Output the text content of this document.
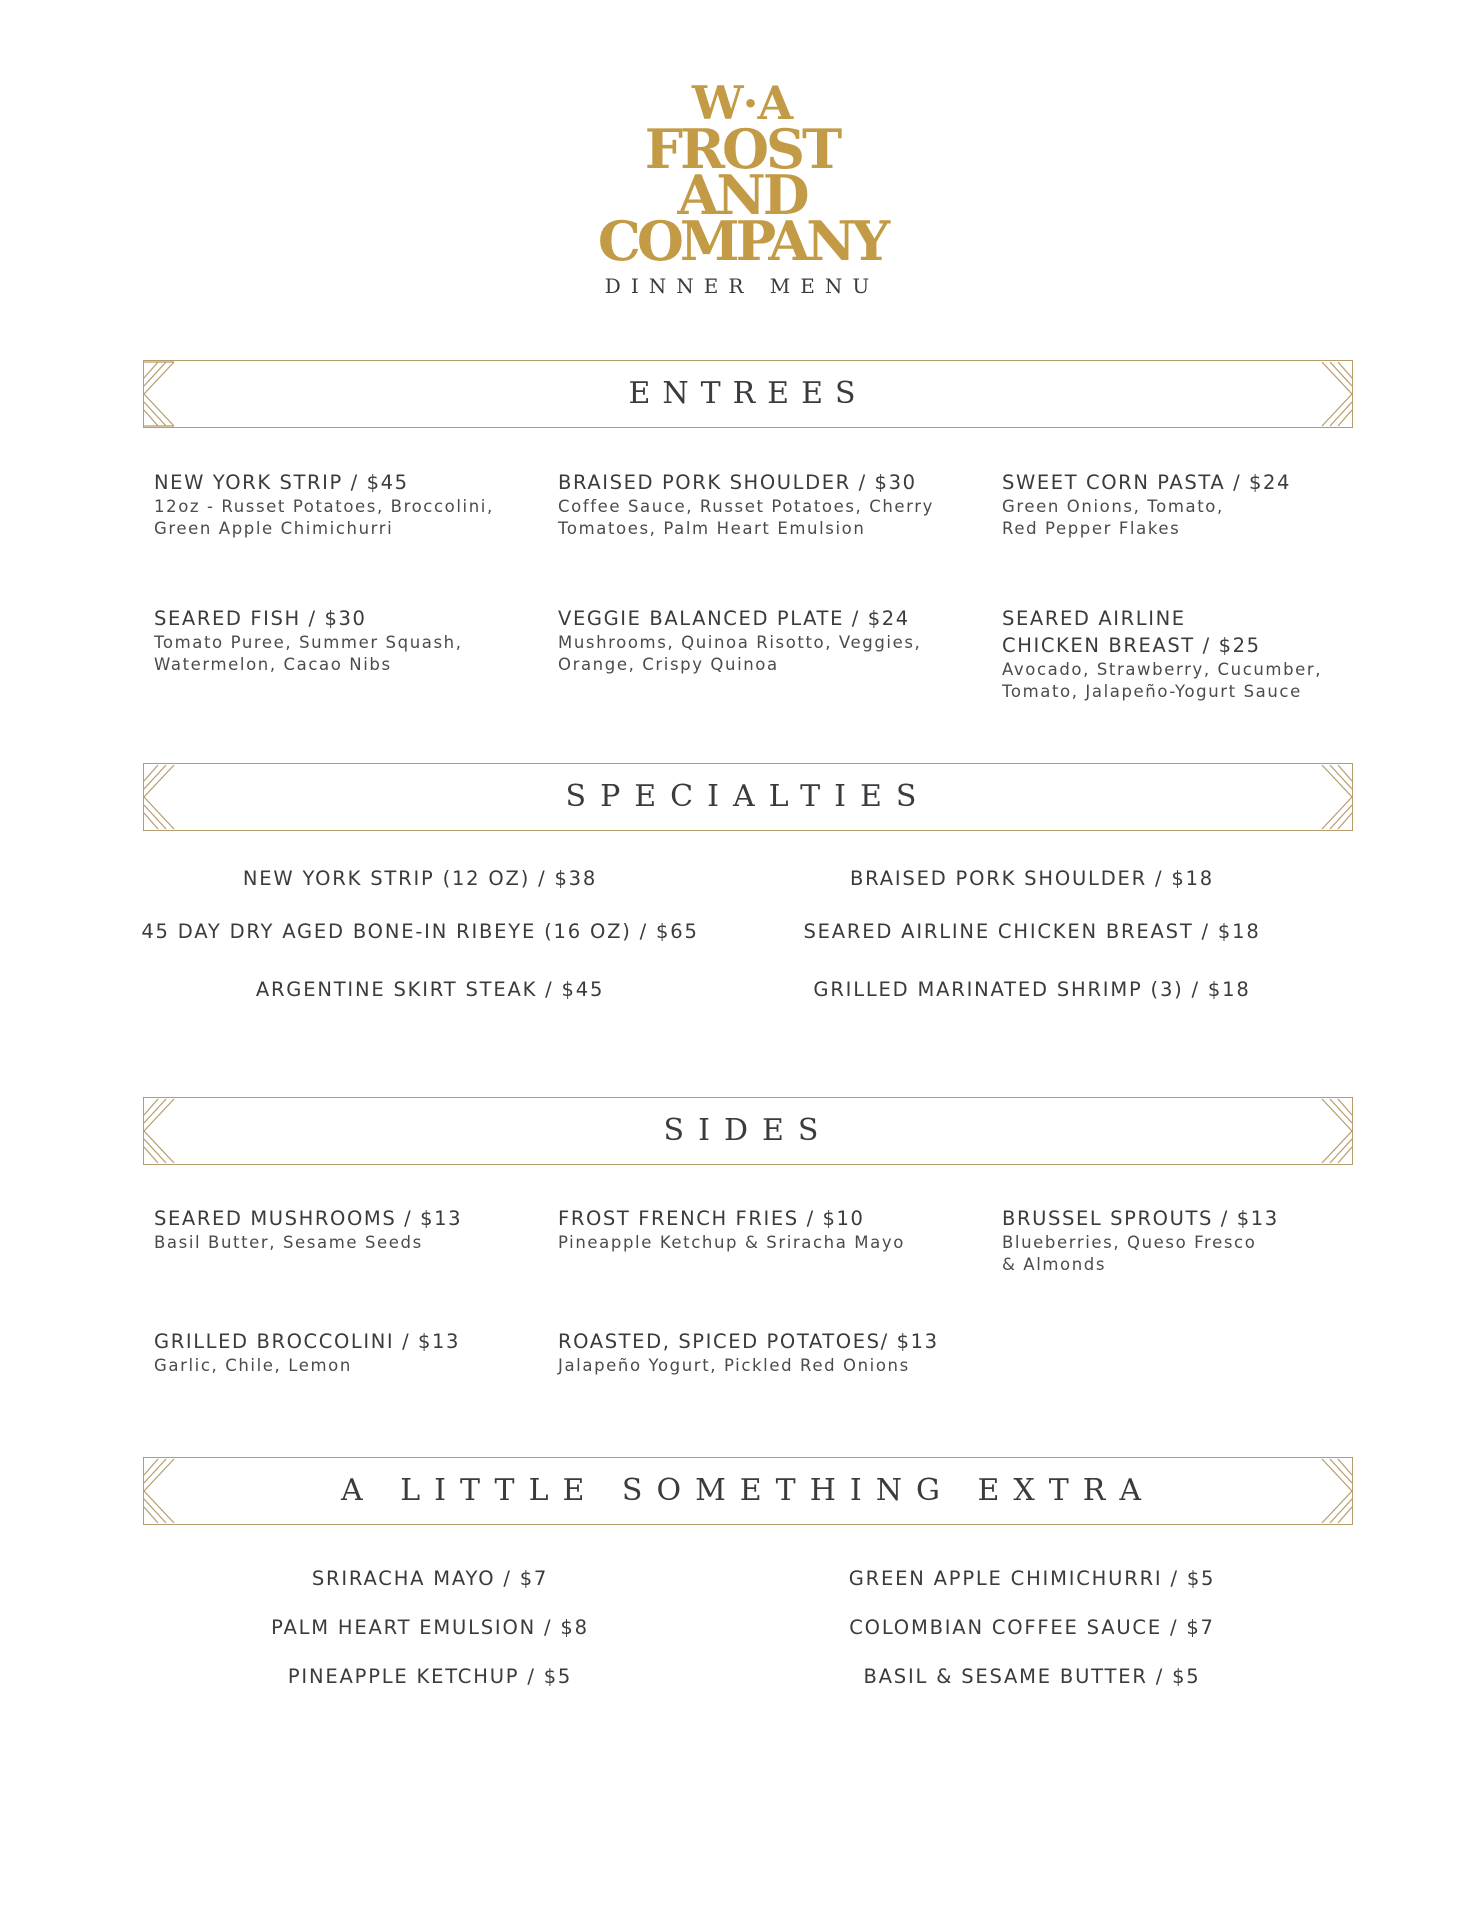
W·A
FROST
AND
COMPANY
DINNER MENU
ENTREES
NEW YORK STRIP / $45
12oz - Russet Potatoes, Broccolini,
Green Apple Chimichurri
BRAISED PORK SHOULDER / $30
Coffee Sauce, Russet Potatoes, Cherry
Tomatoes, Palm Heart Emulsion
SWEET CORN PASTA / $24
Green Onions, Tomato,
Red Pepper Flakes
SEARED FISH / $30
Tomato Puree, Summer Squash,
Watermelon, Cacao Nibs
VEGGIE BALANCED PLATE / $24
Mushrooms, Quinoa Risotto, Veggies,
Orange, Crispy Quinoa
SEARED AIRLINE
CHICKEN BREAST / $25
Avocado, Strawberry, Cucumber,
Tomato, Jalapeño-Yogurt Sauce
SPECIALTIES
NEW YORK STRIP (12 OZ) / $38
45 DAY DRY AGED BONE-IN RIBEYE (16 OZ) / $65
ARGENTINE SKIRT STEAK / $45
BRAISED PORK SHOULDER / $18
SEARED AIRLINE CHICKEN BREAST / $18
GRILLED MARINATED SHRIMP (3) / $18
SIDES
SEARED MUSHROOMS / $13
Basil Butter, Sesame Seeds
FROST FRENCH FRIES / $10
Pineapple Ketchup & Sriracha Mayo
BRUSSEL SPROUTS / $13
Blueberries, Queso Fresco
& Almonds
GRILLED BROCCOLINI / $13
Garlic, Chile, Lemon
ROASTED, SPICED POTATOES/ $13
Jalapeño Yogurt, Pickled Red Onions
A LITTLE SOMETHING EXTRA
SRIRACHA MAYO / $7
PALM HEART EMULSION / $8
PINEAPPLE KETCHUP / $5
GREEN APPLE CHIMICHURRI / $5
COLOMBIAN COFFEE SAUCE / $7
BASIL & SESAME BUTTER / $5
